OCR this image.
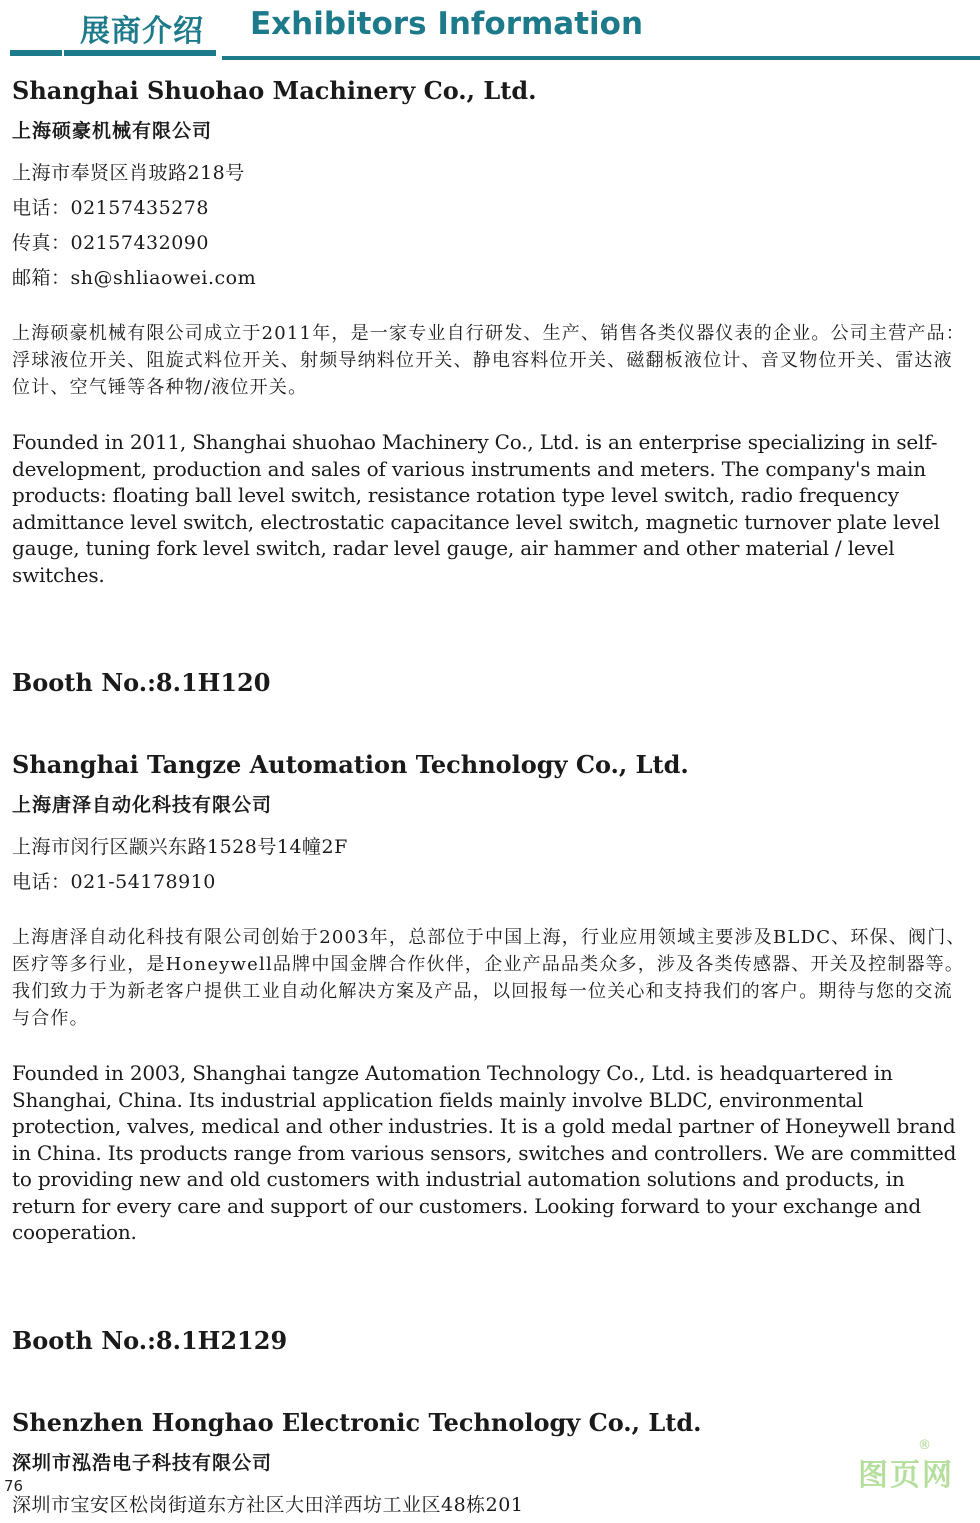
展商介绍 Exhibitors Information

Shanghai Shuohao Machinery Co., Ltd.

上海硕豪机械有限公司

上海市奉贤区肖玻路218号

电话：02157435278

传真：02157432090

邮箱：sh@shliaowei.com

上海硕豪机械有限公司成立于2011年，是一家专业自行研发、生产、销售各类仪器仪表的企业。公司主营产品：浮球液位开关、阻旋式料位开关、射频导纳料位开关、静电容料位开关、磁翻板液位计、音叉物位开关、雷达液位计、空气锤等各种物/液位开关。

Founded in 2011, Shanghai shuohao Machinery Co., Ltd. is an enterprise specializing in self-development, production and sales of various instruments and meters. The company's main products: floating ball level switch, resistance rotation type level switch, radio frequency admittance level switch, electrostatic capacitance level switch, magnetic turnover plate level gauge, tuning fork level switch, radar level gauge, air hammer and other material / level switches.

Booth No.:8.1H120

Shanghai Tangze Automation Technology Co., Ltd.

上海唐泽自动化科技有限公司

上海市闵行区颛兴东路1528号14幢2F

电话：021-54178910

上海唐泽自动化科技有限公司创始于2003年，总部位于中国上海，行业应用领域主要涉及BLDC、环保、阀门、医疗等多行业，是Honeywell品牌中国金牌合作伙伴，企业产品品类众多，涉及各类传感器、开关及控制器等。我们致力于为新老客户提供工业自动化解决方案及产品，以回报每一位关心和支持我们的客户。期待与您的交流与合作。

Founded in 2003, Shanghai tangze Automation Technology Co., Ltd. is headquartered in Shanghai, China. Its industrial application fields mainly involve BLDC, environmental protection, valves, medical and other industries. It is a gold medal partner of Honeywell brand in China. Its products range from various sensors, switches and controllers. We are committed to providing new and old customers with industrial automation solutions and products, in return for every care and support of our customers. Looking forward to your exchange and cooperation.

Booth No.:8.1H2129

Shenzhen Honghao Electronic Technology Co., Ltd.

深圳市泓浩电子科技有限公司

深圳市宝安区松岗街道东方社区大田洋西坊工业区48栋201

76	图页网
®
